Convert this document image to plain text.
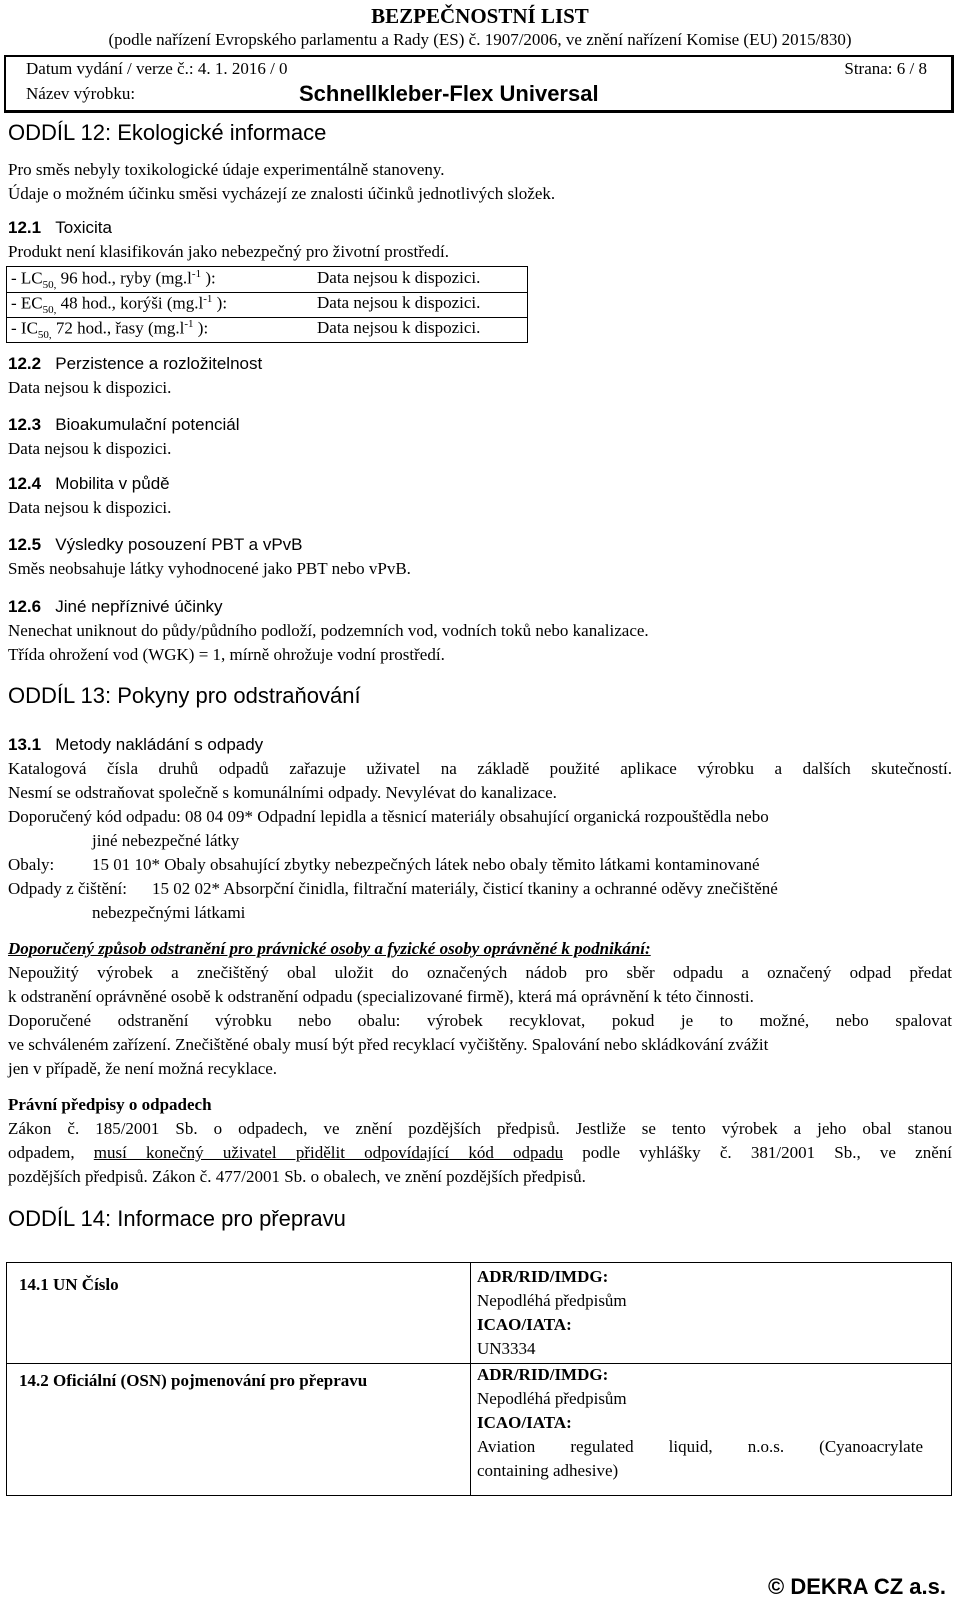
BEZPEČNOSTNÍ LIST
(podle nařízení Evropského parlamentu a Rady (ES) č. 1907/2006, ve znění nařízení Komise (EU) 2015/830)
Datum vydání / verze č.: 4. 1. 2016 / 0	Strana: 6 / 8
Název výrobku:	Schnellkleber-Flex Universal
ODDÍL 12: Ekologické informace
Pro směs nebyly toxikologické údaje experimentálně stanoveny.
Údaje o možném účinku směsi vycházejí ze znalosti účinků jednotlivých složek.
12.1 Toxicita
Produkt není klasifikován jako nebezpečný pro životní prostředí.
- $LC_{50,}$ 96 hod., ryby ($mg.l^{-1}$ ):	Data nejsou k dispozici.
- $EC_{50,}$ 48 hod., korýši ($mg.l^{-1}$ ):	Data nejsou k dispozici.
- $IC_{50,}$ 72 hod., řasy ($mg.l^{-1}$ ):	Data nejsou k dispozici.
12.2 Perzistence a rozložitelnost
Data nejsou k dispozici.
12.3 Bioakumulační potenciál
Data nejsou k dispozici.
12.4 Mobilita v půdě
Data nejsou k dispozici.
12.5 Výsledky posouzení PBT a vPvB
Směs neobsahuje látky vyhodnocené jako PBT nebo vPvB.
12.6 Jiné nepříznivé účinky
Nenechat uniknout do půdy/půdního podloží, podzemních vod, vodních toků nebo kanalizace.
Třída ohrožení vod (WGK) = 1, mírně ohrožuje vodní prostředí.
ODDÍL 13: Pokyny pro odstraňování
13.1 Metody nakládání s odpady
Katalogová čísla druhů odpadů zařazuje uživatel na základě použité aplikace výrobku a dalších skutečností.
Nesmí se odstraňovat společně s komunálními odpady. Nevylévat do kanalizace.
Doporučený kód odpadu: 08 04 09* Odpadní lepidla a těsnicí materiály obsahující organická rozpouštědla nebo
jiné nebezpečné látky
Obaly: 15 01 10* Obaly obsahující zbytky nebezpečných látek nebo obaly těmito látkami kontaminované
Odpady z čištění: 15 02 02* Absorpční činidla, filtrační materiály, čisticí tkaniny a ochranné oděvy znečištěné
nebezpečnými látkami
Doporučený způsob odstranění pro právnické osoby a fyzické osoby oprávněné k podnikání:
Nepoužitý výrobek a znečištěný obal uložit do označených nádob pro sběr odpadu a označený odpad předat
k odstranění oprávněné osobě k odstranění odpadu (specializované firmě), která má oprávnění k této činnosti.
Doporučené odstranění výrobku nebo obalu: výrobek recyklovat, pokud je to možné, nebo spalovat
ve schváleném zařízení. Znečištěné obaly musí být před recyklací vyčištěny. Spalování nebo skládkování zvážit
jen v případě, že není možná recyklace.
Právní předpisy o odpadech
Zákon č. 185/2001 Sb. o odpadech, ve znění pozdějších předpisů. Jestliže se tento výrobek a jeho obal stanou
odpadem, musí konečný uživatel přidělit odpovídající kód odpadu podle vyhlášky č. 381/2001 Sb., ve znění
pozdějších předpisů. Zákon č. 477/2001 Sb. o obalech, ve znění pozdějších předpisů.
ODDÍL 14: Informace pro přepravu
14.1 UN Číslo	ADR/RID/IMDG:
Nepodléhá předpisům
ICAO/IATA:
UN3334
14.2 Oficiální (OSN) pojmenování pro přepravu	ADR/RID/IMDG:
Nepodléhá předpisům
ICAO/IATA:
Aviation regulated liquid, n.o.s. (Cyanoacrylate
containing adhesive)
© DEKRA CZ a.s.
